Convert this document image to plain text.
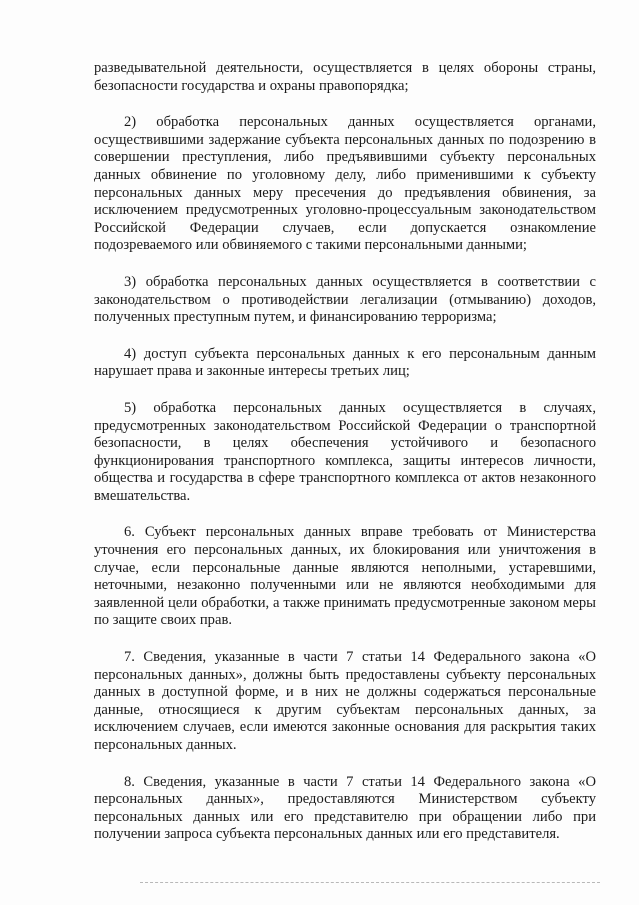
разведывательной деятельности, осуществляется в целях обороны страны, безопасности государства и охраны правопорядка;

2) обработка персональных данных осуществляется органами, осуществившими задержание субъекта персональных данных по подозрению в совершении преступления, либо предъявившими субъекту персональных данных обвинение по уголовному делу, либо применившими к субъекту персональных данных меру пресечения до предъявления обвинения, за исключением предусмотренных уголовно-процессуальным законодательством Российской Федерации случаев, если допускается ознакомление подозреваемого или обвиняемого с такими персональными данными;

3) обработка персональных данных осуществляется в соответствии с законодательством о противодействии легализации (отмыванию) доходов, полученных преступным путем, и финансированию терроризма;

4) доступ субъекта персональных данных к его персональным данным нарушает права и законные интересы третьих лиц;

5) обработка персональных данных осуществляется в случаях, предусмотренных законодательством Российской Федерации о транспортной безопасности, в целях обеспечения устойчивого и безопасного функционирования транспортного комплекса, защиты интересов личности, общества и государства в сфере транспортного комплекса от актов незаконного вмешательства.

6. Субъект персональных данных вправе требовать от Министерства уточнения его персональных данных, их блокирования или уничтожения в случае, если персональные данные являются неполными, устаревшими, неточными, незаконно полученными или не являются необходимыми для заявленной цели обработки, а также принимать предусмотренные законом меры по защите своих прав.

7. Сведения, указанные в части 7 статьи 14 Федерального закона «О персональных данных», должны быть предоставлены субъекту персональных данных в доступной форме, и в них не должны содержаться персональные данные, относящиеся к другим субъектам персональных данных, за исключением случаев, если имеются законные основания для раскрытия таких персональных данных.

8. Сведения, указанные в части 7 статьи 14 Федерального закона «О персональных данных», предоставляются Министерством субъекту персональных данных или его представителю при обращении либо при получении запроса субъекта персональных данных или его представителя.
